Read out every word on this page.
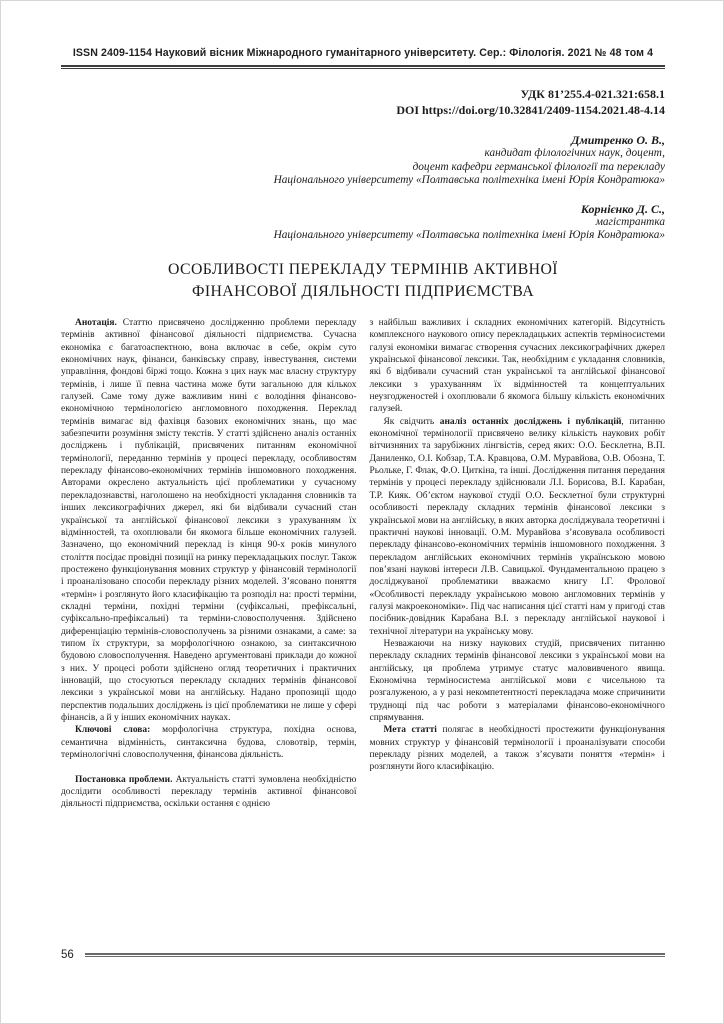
ISSN 2409-1154 Науковий вісник Міжнародного гуманітарного університету. Сер.: Філологія. 2021 № 48 том 4
УДК 81’255.4-021.321:658.1
DOI https://doi.org/10.32841/2409-1154.2021.48-4.14
Дмитренко О. В.,
кандидат філологічних наук, доцент,
доцент кафедри германської філології та перекладу
Національного університету «Полтавська політехніка імені Юрія Кондратюка»
Корнієнко Д. С.,
магістрантка
Національного університету «Полтавська політехніка імені Юрія Кондратюка»
ОСОБЛИВОСТІ ПЕРЕКЛАДУ ТЕРМІНІВ АКТИВНОЇ
ФІНАНСОВОЇ ДІЯЛЬНОСТІ ПІДПРИЄМСТВА

Анотація. Статтю присвячено дослідженню проблеми перекладу термінів активної фінансової діяльності підприємства. Сучасна економіка є багатоаспектною, вона включає в себе, окрім суто економічних наук, фінанси, банківську справу, інвестування, системи управління, фондові біржі тощо. Кожна з цих наук має власну структуру термінів, і лише її певна частина може бути загальною для кількох галузей. Саме тому дуже важливим нині є володіння фінансово-економічною термінологією англомовного походження. Переклад термінів вимагає від фахівця базових економічних знань, що має забезпечити розуміння змісту текстів. У статті здійснено аналіз останніх досліджень і публікацій, присвячених питанням економічної термінології, переданню термінів у процесі перекладу, особливостям перекладу фінансово-економічних термінів іншомовного походження. Авторами окреслено актуальність цієї проблематики у сучасному перекладознавстві, наголошено на необхідності укладання словників та інших лексикографічних джерел, які би відбивали сучасний стан української та англійської фінансової лексики з урахуванням їх відмінностей, та охоплювали би якомога більше економічних галузей. Зазначено, що економічний переклад із кінця 90-х років минулого століття посідає провідні позиції на ринку перекладацьких послуг. Також простежено функціонування мовних структур у фінансовій термінології і проаналізовано способи перекладу різних моделей. З’ясовано поняття «термін» і розглянуто його класифікацію та розподіл на: прості терміни, складні терміни, похідні терміни (суфіксальні, префіксальні, суфіксально-префіксальні) та терміни-словосполучення. Здійснено диференціацію термінів-словосполучень за різними ознаками, а саме: за типом їх структури, за морфологічною ознакою, за синтаксичною будовою словосполучення. Наведено аргументовані приклади до кожної з них. У процесі роботи здійснено огляд теоретичних і практичних інновацій, що стосуються перекладу складних термінів фінансової лексики з української мови на англійську. Надано пропозиції щодо перспектив подальших досліджень із цієї проблематики не лише у сфері фінансів, а й у інших економічних науках.

Ключові слова: морфологічна структура, похідна основа, семантична відмінність, синтаксична будова, словотвір, термін, термінологічні словосполучення, фінансова діяльність.

Постановка проблеми. Актуальність статті зумовлена необхідністю дослідити особливості перекладу термінів активної фінансової діяльності підприємства, оскільки остання є однією

з найбільш важливих і складних економічних категорій. Відсутність комплексного наукового опису перекладацьких аспектів терміносистеми галузі економіки вимагає створення сучасних лексикографічних джерел української фінансової лексики. Так, необхідним є укладання словників, які б відбивали сучасний стан української та англійської фінансової лексики з урахуванням їх відмінностей та концептуальних неузгодженостей і охоплювали б якомога більшу кількість економічних галузей.

Як свідчить аналіз останніх досліджень і публікацій, питанню економічної термінології присвячено велику кількість наукових робіт вітчизняних та зарубіжних лінгвістів, серед яких: О.О. Бесклетна, В.П. Даниленко, О.І. Кобзар, Т.А. Кравцова, О.М. Муравйова, О.В. Обозна, Т. Рьольке, Г. Флак, Ф.О. Циткіна, та інші. Дослідження питання передання термінів у процесі перекладу здійснювали Л.І. Борисова, В.І. Карабан, Т.Р. Кияк. Об’єктом наукової студії О.О. Бесклетної були структурні особливості перекладу складних термінів фінансової лексики з української мови на англійську, в яких авторка досліджувала теоретичні і практичні наукові інновації. О.М. Муравйова з’ясовувала особливості перекладу фінансово-економічних термінів іншомовного походження. З перекладом англійських економічних термінів українською мовою пов’язані наукові інтереси Л.В. Савицької. Фундаментальною працею з досліджуваної проблематики вважаємо книгу І.Г. Фролової «Особливості перекладу українською мовою англомовних термінів у галузі макроекономіки». Під час написання цієї статті нам у пригоді став посібник-довідник Карабана В.І. з перекладу англійської наукової і технічної літератури на українську мову.

Незважаючи на низку наукових студій, присвячених питанню перекладу складних термінів фінансової лексики з української мови на англійську, ця проблема утримує статус маловивченого явища. Економічна терміносистема англійської мови є чисельною та розгалуженою, а у разі некомпетентності перекладача може спричинити труднощі під час роботи з матеріалами фінансово-економічного спрямування.

Мета статті полягає в необхідності простежити функціонування мовних структур у фінансовій термінології і проаналізувати способи перекладу різних моделей, а також з’ясувати поняття «термін» і розглянути його класифікацію.

56
